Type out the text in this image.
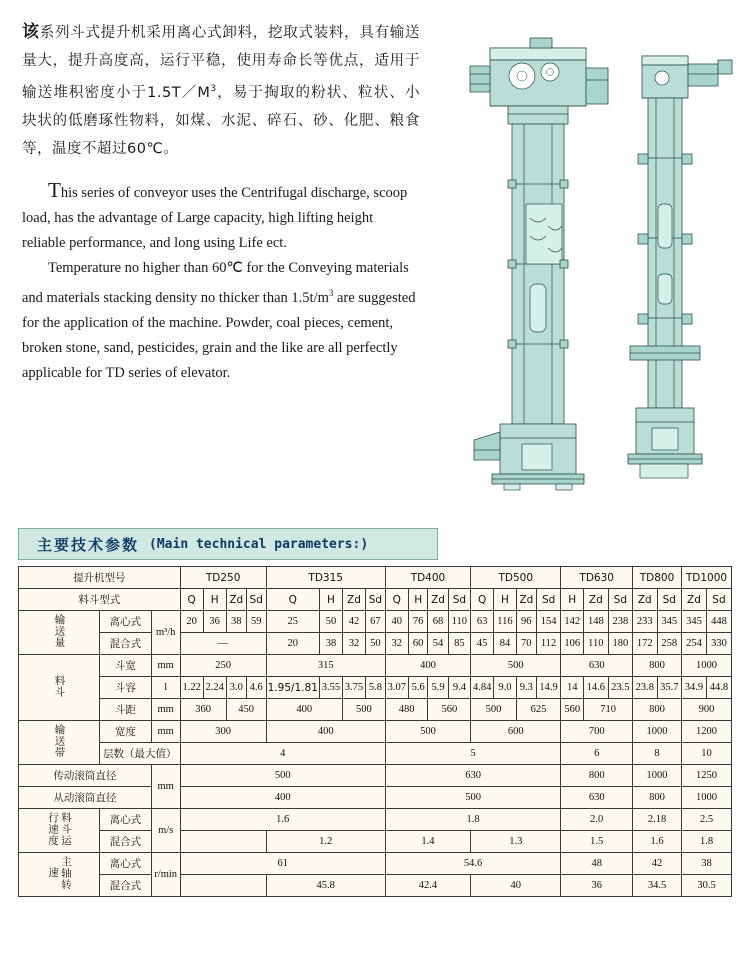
该系列斗式提升机采用离心式卸料，挖取式装料，具有输送量大，提升高度高，运行平稳，使用寿命长等优点，适用于输送堆积密度小于$1.5T/M^3$，易于掏取的粉状、粒状、小块状的低磨琢性物料，如煤、水泥、碎石、砂、化肥、粮食等，温度不超过60℃。

This series of conveyor uses the Centrifugal discharge, scoop load, has the advantage of Large capacity, high lifting height reliable performance, and long using Life ect.

Temperature no higher than 60℃ for the Conveying materials and materials stacking density no thicker than $1.5t/m^3$ are suggested for the application of the machine. Powder, coal pieces, cement, broken stone, sand, pesticides, grain and the like are all perfectly applicable for TD series of elevator.

主要技术参数 (Main technical parameters:)
提升机型号			TD250				TD315				TD400				TD500				TD630			TD800		TD1000	
料斗型式			Q	H	Zd	Sd	Q	H	Zd	Sd	Q	H	Zd	Sd	Q	H	Zd	Sd	H	Zd	Sd	Zd	Sd	Zd	Sd
输送量	离心式	m³/h	20	36	38	59	25	50	42	67	40	76	68	110	63	116	96	154	142	148	238	233	345	345	448
	混合式		—				20	38	32	50	32	60	54	85	45	84	70	112	106	110	180	172	258	254	330
料斗	斗宽	mm	250				315				400				500				630			800		1000	
	斗容	l	1.22	2.24	3.0	4.6	1.95/1.81	3.55	3.75	5.8	3.07	5.6	5.9	9.4	4.84	9.0	9.3	14.9	14	14.6	23.5	23.8	35.7	34.9	44.8
	斗距	mm	360		450		400		500		480		560		500		625		560	710		800		900	
输送带	宽度	mm	300				400				500				600				700			1000		1200	
	层数（最大值）		4								5								6			8		10	
传动滚筒直径		mm	500								630								800			1000		1250	
从动滚筒直径			400								500								630			800		1000	
料斗运行速度	离心式	m/s	1.6								1.8								2.0			2.18		2.5	
	混合式						1.2				1.4				1.3				1.5			1.6		1.8	
主轴转速	离心式	r/min	61								54.6								48			42		38	
	混合式						45.8				42.4				40				36			34.5		30.5	
